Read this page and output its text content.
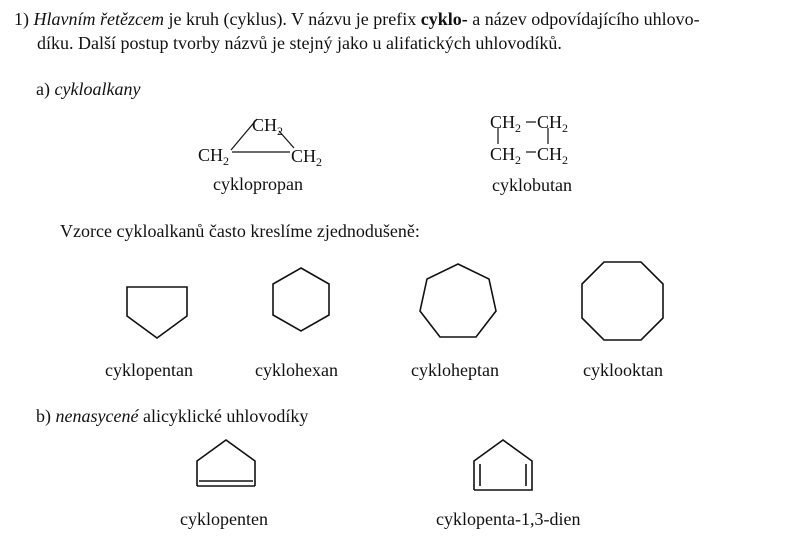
1) Hlavním řetězcem je kruh (cyklus). V názvu je prefix cyklo- a název odpovídajícího uhlovo-
díku. Další postup tvorby názvů je stejný jako u alifatických uhlovodíků.
a) cykloalkany
$CH_2$
$CH_2$	$CH_2$
$CH_2$ $CH_2$
$CH_2$ $CH_2$
cyklopropan	cyklobutan
Vzorce cykloalkanů často kreslíme zjednodušeně:
cyklopentan	cyklohexan	cykloheptan	cyklooktan
b) nenasycené alicyklické uhlovodíky
cyklopenten	cyklopenta-1,3-dien
